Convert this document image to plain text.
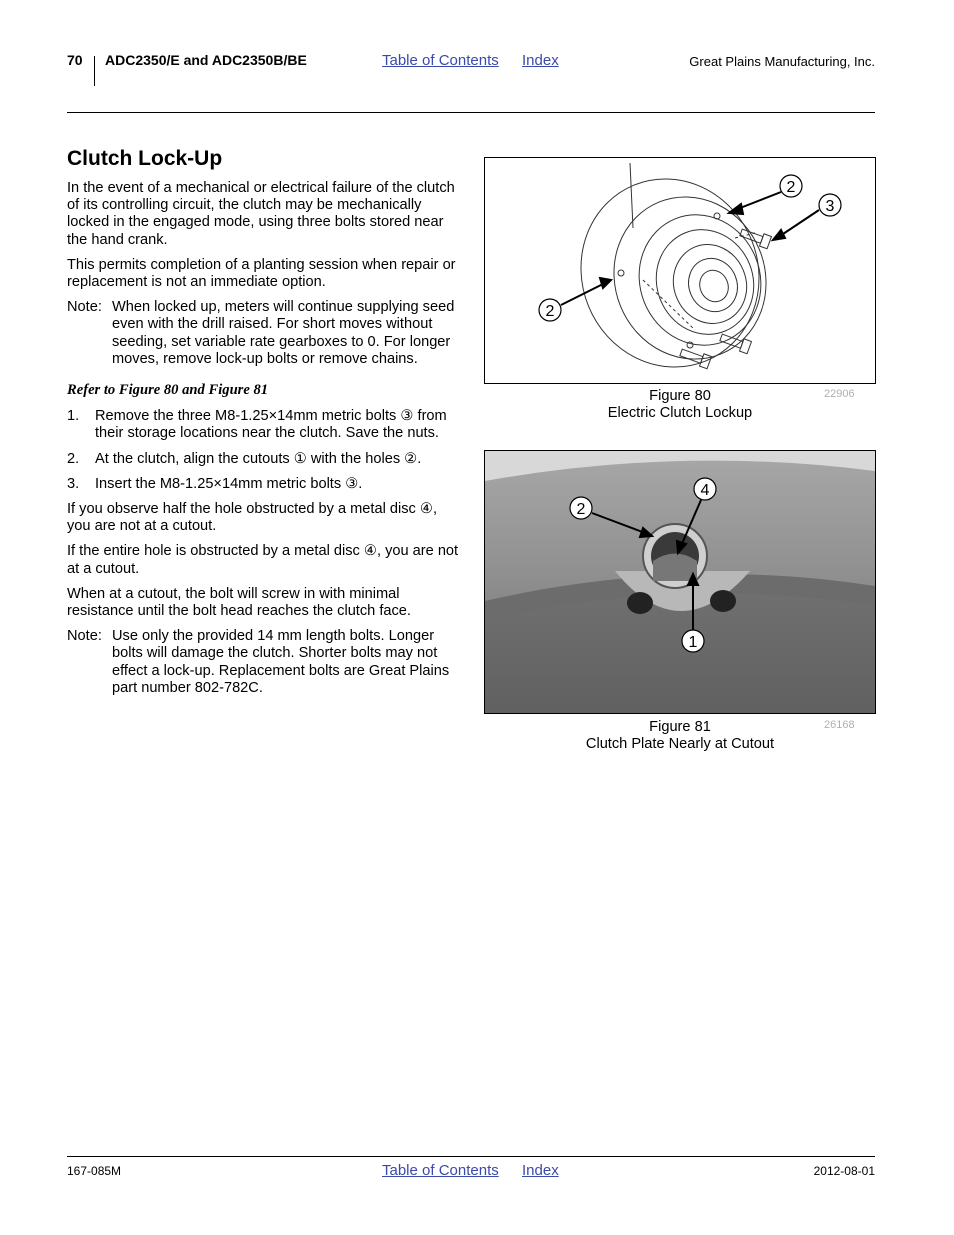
70 ADC2350/E and ADC2350B/BE	Table of Contents Index	Great Plains Manufacturing, Inc.
Clutch Lock-Up

In the event of a mechanical or electrical failure of the clutch of its controlling circuit, the clutch may be mechanically locked in the engaged mode, using three bolts stored near the hand crank.

This permits completion of a planting session when repair or replacement is not an immediate option.

Note: When locked up, meters will continue supplying seed even with the drill raised. For short moves without seeding, set variable rate gearboxes to 0. For longer moves, remove lock-up bolts or remove chains.
Refer to Figure 80 and Figure 81
1.	Remove the three M8-1.25×14mm metric bolts ③ from their storage locations near the clutch. Save the nuts.
2.	At the clutch, align the cutouts ① with the holes ②.
3.	Insert the M8-1.25×14mm metric bolts ③.

If you observe half the hole obstructed by a metal disc ④, you are not at a cutout.

If the entire hole is obstructed by a metal disc ④, you are not at a cutout.

When at a cutout, the bolt will screw in with minimal resistance until the bolt head reaches the clutch face.

Note: Use only the provided 14 mm length bolts. Longer bolts will damage the clutch. Shorter bolts may not effect a lock-up. Replacement bolts are Great Plains part number 802-782C.
2
3
2
Figure 80
Electric Clutch Lockup
22906
4
2
1
Figure 81
Clutch Plate Nearly at Cutout
26168
167-085M	Table of Contents Index	2012-08-01
